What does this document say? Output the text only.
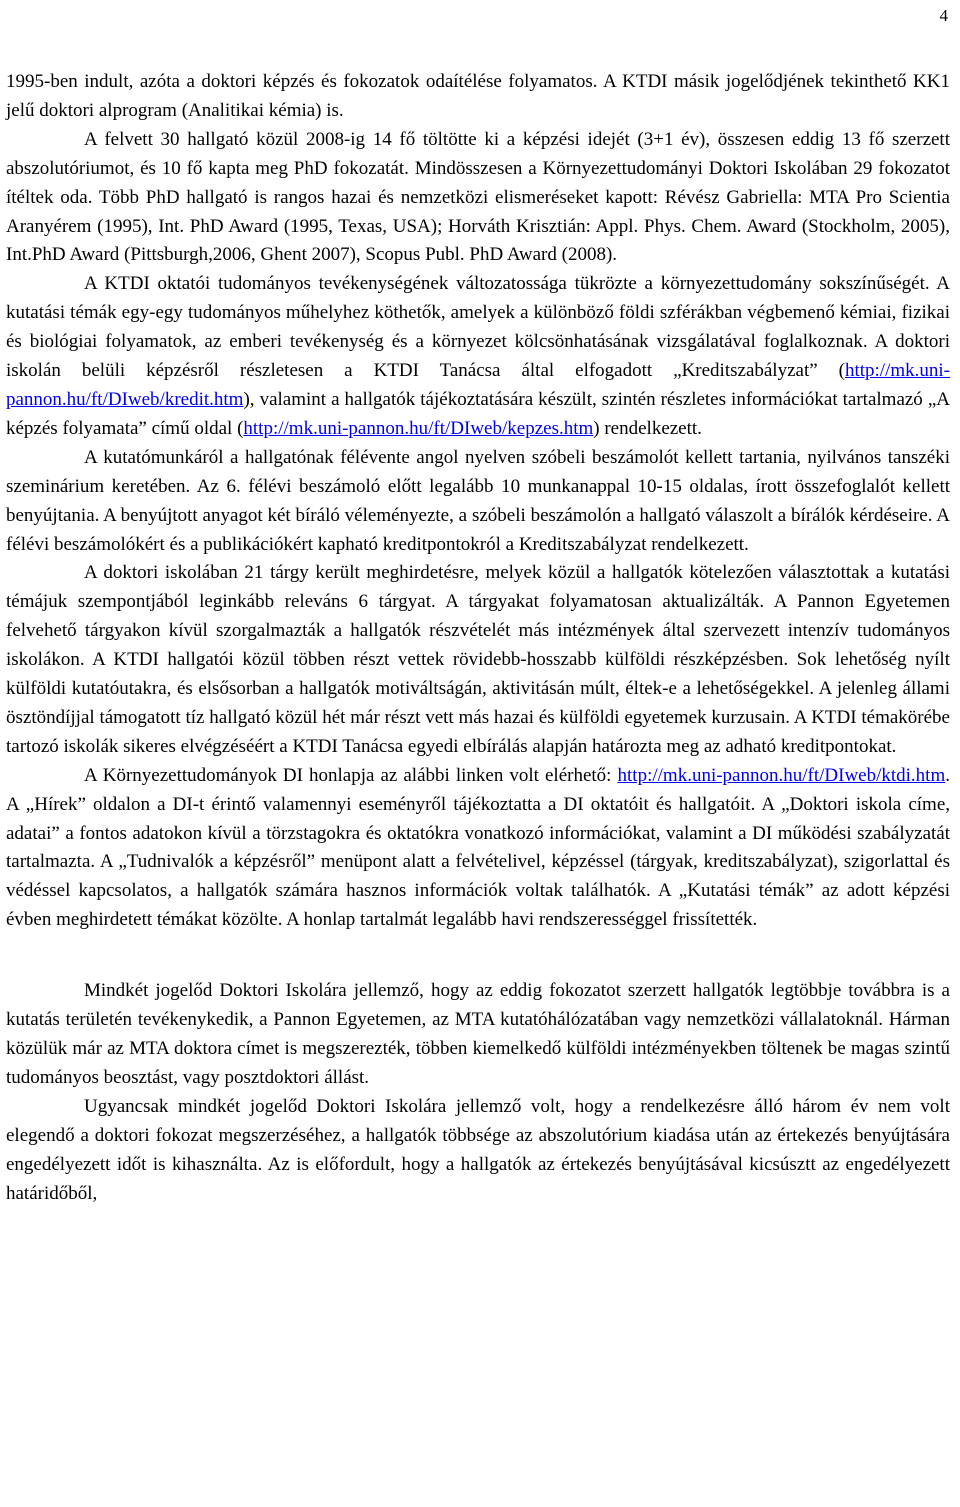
4

1995-ben indult, azóta a doktori képzés és fokozatok odaítélése folyamatos. A KTDI másik jogelődjének tekinthető KK1 jelű doktori alprogram (Analitikai kémia) is.

A felvett 30 hallgató közül 2008-ig 14 fő töltötte ki a képzési idejét (3+1 év), összesen eddig 13 fő szerzett abszolutóriumot, és 10 fő kapta meg PhD fokozatát. Mindösszesen a Környezettudományi Doktori Iskolában 29 fokozatot ítéltek oda. Több PhD hallgató is rangos hazai és nemzetközi elismeréseket kapott: Révész Gabriella: MTA Pro Scientia Aranyérem (1995), Int. PhD Award (1995, Texas, USA); Horváth Krisztián: Appl. Phys. Chem. Award (Stockholm, 2005), Int.PhD Award (Pittsburgh,2006, Ghent 2007), Scopus Publ. PhD Award (2008).

A KTDI oktatói tudományos tevékenységének változatossága tükrözte a környezettudomány sokszínűségét. A kutatási témák egy-egy tudományos műhelyhez köthetők, amelyek a különböző földi szférákban végbemenő kémiai, fizikai és biológiai folyamatok, az emberi tevékenység és a környezet kölcsönhatásának vizsgálatával foglalkoznak. A doktori iskolán belüli képzésről részletesen a KTDI Tanácsa által elfogadott „Kreditszabályzat” (http://mk.uni-pannon.hu/ft/DIweb/kredit.htm), valamint a hallgatók tájékoztatására készült, szintén részletes információkat tartalmazó „A képzés folyamata” című oldal (http://mk.uni-pannon.hu/ft/DIweb/kepzes.htm) rendelkezett.

A kutatómunkáról a hallgatónak félévente angol nyelven szóbeli beszámolót kellett tartania, nyilvános tanszéki szeminárium keretében. Az 6. félévi beszámoló előtt legalább 10 munkanappal 10-15 oldalas, írott összefoglalót kellett benyújtania. A benyújtott anyagot két bíráló véleményezte, a szóbeli beszámolón a hallgató válaszolt a bírálók kérdéseire. A félévi beszámolókért és a publikációkért kapható kreditpontokról a Kreditszabályzat rendelkezett.

A doktori iskolában 21 tárgy került meghirdetésre, melyek közül a hallgatók kötelezően választottak a kutatási témájuk szempontjából leginkább releváns 6 tárgyat. A tárgyakat folyamatosan aktualizálták. A Pannon Egyetemen felvehető tárgyakon kívül szorgalmazták a hallgatók részvételét más intézmények által szervezett intenzív tudományos iskolákon. A KTDI hallgatói közül többen részt vettek rövidebb-hosszabb külföldi részképzésben. Sok lehetőség nyílt külföldi kutatóutakra, és elsősorban a hallgatók motiváltságán, aktivitásán múlt, éltek-e a lehetőségekkel. A jelenleg állami ösztöndíjjal támogatott tíz hallgató közül hét már részt vett más hazai és külföldi egyetemek kurzusain. A KTDI témakörébe tartozó iskolák sikeres elvégzéséért a KTDI Tanácsa egyedi elbírálás alapján határozta meg az adható kreditpontokat.

A Környezettudományok DI honlapja az alábbi linken volt elérhető: http://mk.uni-pannon.hu/ft/DIweb/ktdi.htm. A „Hírek” oldalon a DI-t érintő valamennyi eseményről tájékoztatta a DI oktatóit és hallgatóit. A „Doktori iskola címe, adatai” a fontos adatokon kívül a törzstagokra és oktatókra vonatkozó információkat, valamint a DI működési szabályzatát tartalmazta. A „Tudnivalók a képzésről” menüpont alatt a felvételivel, képzéssel (tárgyak, kreditszabályzat), szigorlattal és védéssel kapcsolatos, a hallgatók számára hasznos információk voltak találhatók. A „Kutatási témák” az adott képzési évben meghirdetett témákat közölte. A honlap tartalmát legalább havi rendszerességgel frissítették.

Mindkét jogelőd Doktori Iskolára jellemző, hogy az eddig fokozatot szerzett hallgatók legtöbbje továbbra is a kutatás területén tevékenykedik, a Pannon Egyetemen, az MTA kutatóhálózatában vagy nemzetközi vállalatoknál. Hárman közülük már az MTA doktora címet is megszerezték, többen kiemelkedő külföldi intézményekben töltenek be magas szintű tudományos beosztást, vagy posztdoktori állást.

Ugyancsak mindkét jogelőd Doktori Iskolára jellemző volt, hogy a rendelkezésre álló három év nem volt elegendő a doktori fokozat megszerzéséhez, a hallgatók többsége az abszolutórium kiadása után az értekezés benyújtására engedélyezett időt is kihasználta. Az is előfordult, hogy a hallgatók az értekezés benyújtásával kicsúsztt az engedélyezett határidőből,
